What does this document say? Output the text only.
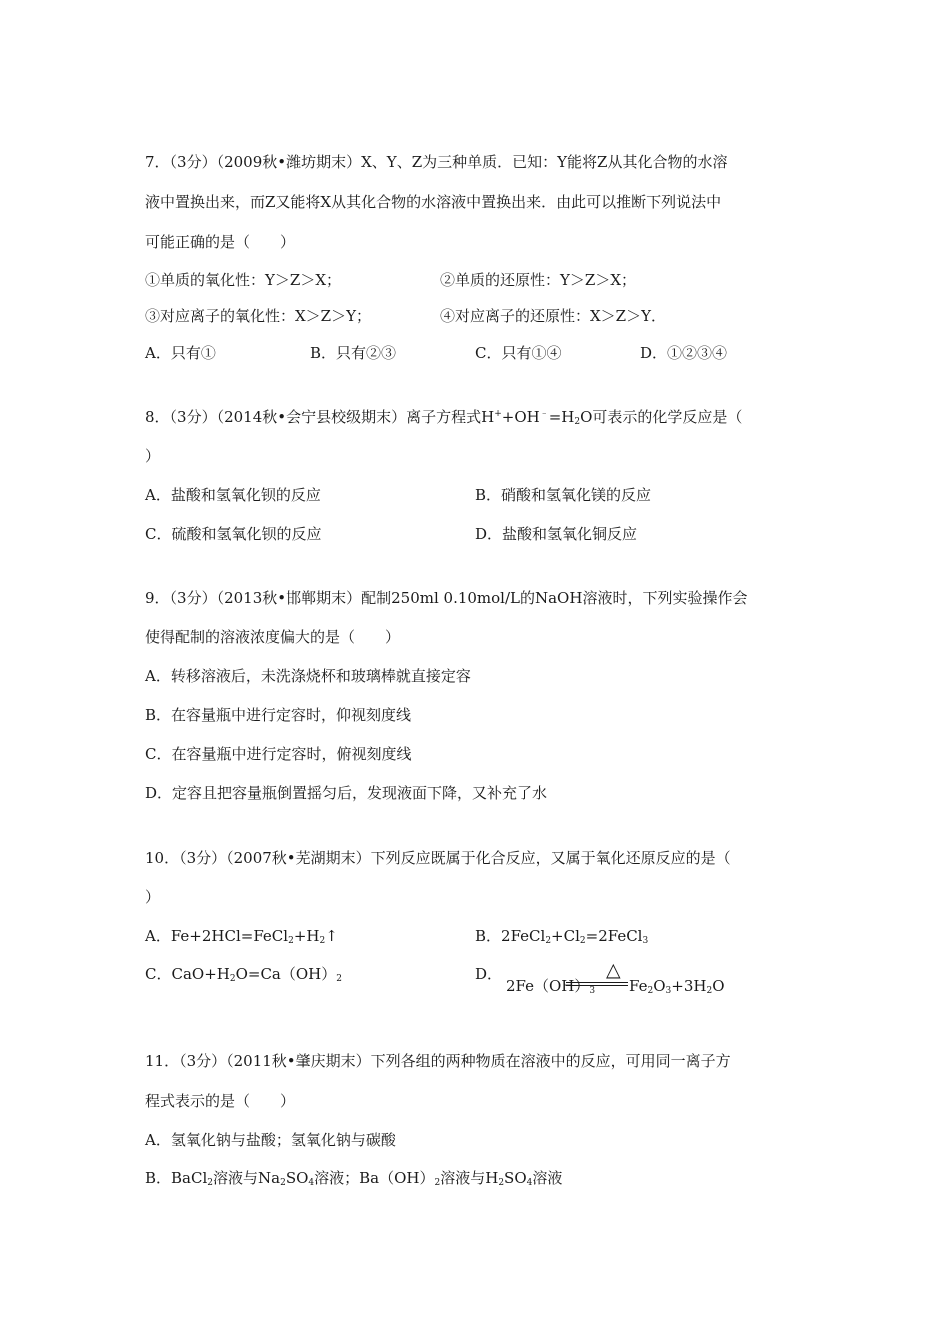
7．（3分）（2009秋•潍坊期末）X、Y、Z为三种单质．已知：Y能将Z从其化合物的水溶
液中置换出来，而Z又能将X从其化合物的水溶液中置换出来．由此可以推断下列说法中
可能正确的是（　　）
①单质的氧化性：Y＞Z＞X；	②单质的还原性：Y＞Z＞X；
③对应离子的氧化性：X＞Z＞Y；	④对应离子的还原性：X＞Z＞Y．
A．只有①	B．只有②③	C．只有①④	D．①②③④
8．（3分）（2014秋•会宁县校级期末）离子方程式$H^++OH^﹣=H_2O$可表示的化学反应是（
）
A．盐酸和氢氧化钡的反应	B．硝酸和氢氧化镁的反应
C．硫酸和氢氧化钡的反应	D．盐酸和氢氧化铜反应
9．（3分）（2013秋•邯郸期末）配制250ml 0.10mol/L的NaOH溶液时，下列实验操作会
使得配制的溶液浓度偏大的是（　　）
A．转移溶液后，未洗涤烧杯和玻璃棒就直接定容
B．在容量瓶中进行定容时，仰视刻度线
C．在容量瓶中进行定容时，俯视刻度线
D．定容且把容量瓶倒置摇匀后，发现液面下降，又补充了水
10．（3分）（2007秋•芜湖期末）下列反应既属于化合反应，又属于氧化还原反应的是（
）
A．$Fe+2HCl=FeCl_2+H_2↑$	B．$2FeCl_2+Cl_2=2FeCl_3$
C．$CaO+H_2O=Ca(OH)_2$	D．
$2Fe(OH)_3$
△
$Fe_2O_3+3H_2O$
11．（3分）（2011秋•肇庆期末）下列各组的两种物质在溶液中的反应，可用同一离子方
程式表示的是（　　）
A．氢氧化钠与盐酸；氢氧化钠与碳酸
B．BaCl$_2$溶液与$Na_2SO_4$溶液；$Ba(OH)_2$溶液与$H_2SO_4$溶液
